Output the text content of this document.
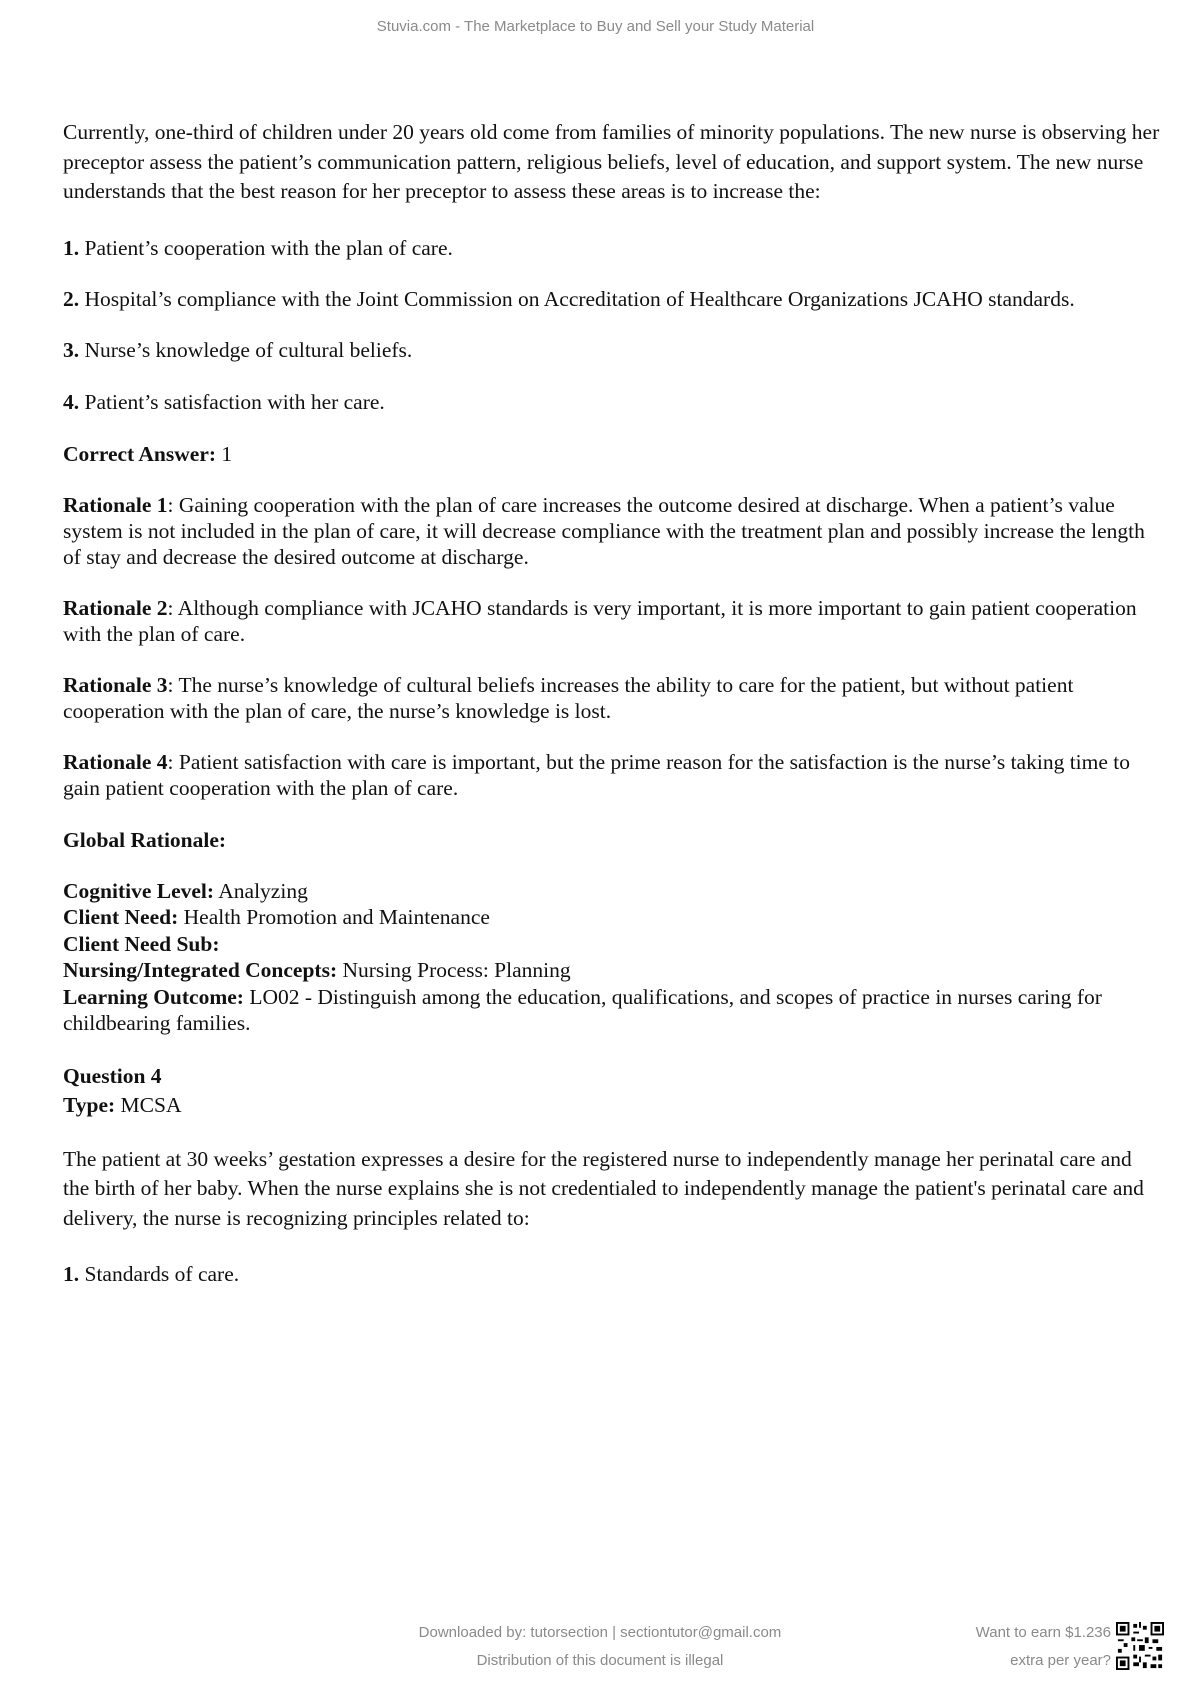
Stuvia.com - The Marketplace to Buy and Sell your Study Material

Currently, one-third of children under 20 years old come from families of minority populations. The new nurse is observing her preceptor assess the patient’s communication pattern, religious beliefs, level of education, and support system. The new nurse understands that the best reason for her preceptor to assess these areas is to increase the:

1. Patient’s cooperation with the plan of care.

2. Hospital’s compliance with the Joint Commission on Accreditation of Healthcare Organizations JCAHO standards.

3. Nurse’s knowledge of cultural beliefs.

4. Patient’s satisfaction with her care.

Correct Answer: 1

Rationale 1: Gaining cooperation with the plan of care increases the outcome desired at discharge. When a patient’s value system is not included in the plan of care, it will decrease compliance with the treatment plan and possibly increase the length of stay and decrease the desired outcome at discharge.

Rationale 2: Although compliance with JCAHO standards is very important, it is more important to gain patient cooperation with the plan of care.

Rationale 3: The nurse’s knowledge of cultural beliefs increases the ability to care for the patient, but without patient cooperation with the plan of care, the nurse’s knowledge is lost.

Rationale 4: Patient satisfaction with care is important, but the prime reason for the satisfaction is the nurse’s taking time to gain patient cooperation with the plan of care.

Global Rationale:

Cognitive Level: Analyzing

Client Need: Health Promotion and Maintenance

Client Need Sub:

Nursing/Integrated Concepts: Nursing Process: Planning

Learning Outcome: LO02 - Distinguish among the education, qualifications, and scopes of practice in nurses caring for childbearing families.

Question 4

Type: MCSA

The patient at 30 weeks’ gestation expresses a desire for the registered nurse to independently manage her perinatal care and the birth of her baby. When the nurse explains she is not credentialed to independently manage the patient's perinatal care and delivery, the nurse is recognizing principles related to:

1. Standards of care.

Downloaded by: tutorsection | sectiontutor@gmail.com
Distribution of this document is illegal
Want to earn $1.236
extra per year?
